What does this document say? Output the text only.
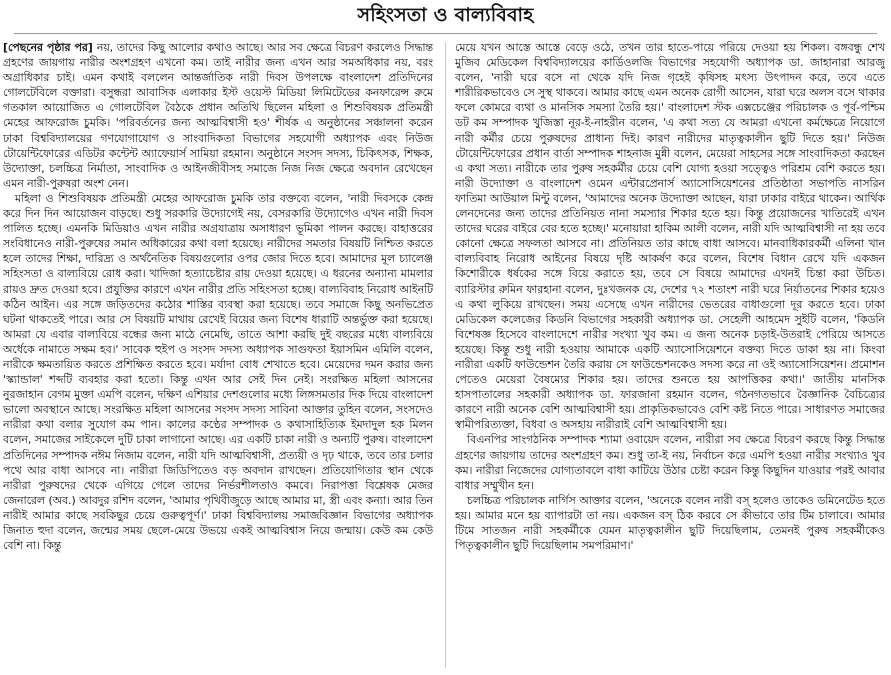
সহিংসতা ও বাল্যবিবাহ

[ পেছনের পৃষ্ঠার পর ] নয়, তাদের কিছু আলোর কথাও আছে। আর সব ক্ষেত্রে বিচরণ করলেও সিদ্ধান্ত গ্রহণের জায়গায় নারীর অংশগ্রহণ এখনো কম। তাই নারীর জন্য এখন আর সমঅধিকার নয়, বরং অগ্রাধিকার চাই। এমন কথাই বললেন আন্তর্জাতিক নারী দিবস উপলক্ষে বাংলাদেশ প্রতিদিনের গোলটেবিলে বক্তারা। বসুন্ধরা আবাসিক এলাকার ইস্ট ওয়েস্ট মিডিয়া লিমিটেডের কনফারেন্স রুমে গতকাল আয়োজিত এ গোলটেবিল বৈঠকে প্রধান অতিথি ছিলেন মহিলা ও শিশুবিষয়ক প্রতিমন্ত্রী মেহের আফরোজ চুমকি। 'পরিবর্তনের জন্য আত্মবিশ্বাসী হও' শীর্ষক এ অনুষ্ঠানের সঞ্চালনা করেন ঢাকা বিশ্ববিদ্যালয়ের গণযোগাযোগ ও সাংবাদিকতা বিভাগের সহযোগী অধ্যাপক এবং নিউজ টোয়েন্টিফোরের এডিটর কন্টেন্ট অ্যাফেয়ার্স সামিয়া রহমান। অনুষ্ঠানে সংসদ সদস্য, চিকিৎসক, শিক্ষক, উদ্যোক্তা, চলচ্চিত্র নির্মাতা, সাংবাদিক ও আইনজীবীসহ সমাজে নিজ নিজ ক্ষেত্রে অবদান রেখেছেন এমন নারী-পুরুষরা অংশ নেন।

মহিলা ও শিশুবিষয়ক প্রতিমন্ত্রী মেহের আফরোজ চুমকি তার বক্তব্যে বলেন, 'নারী দিবসকে কেন্দ্র করে দিন দিন আয়োজন বাড়ছে। শুধু সরকারি উদ্যোগেই নয়, বেসরকারি উদ্যোগেও এখন নারী দিবস পালিত হচ্ছে। এমনকি মিডিয়াও এখন নারীর অগ্রযাত্রায় অসাধারণ ভূমিকা পালন করছে। বাহাত্তরের সংবিধানেও নারী-পুরুষের সমান অধিকারের কথা বলা হয়েছে। নারীদের সমতার বিষয়টি নিশ্চিত করতে হলে তাদের শিক্ষা, দারিদ্র্য ও অর্থনৈতিক বিষয়গুলোর ওপর জোর দিতে হবে। আমাদের মূল চ্যালেঞ্জ সহিংসতা ও বাল্যবিয়ে রোধ করা। খাদিজা হত্যাচেষ্টার রায় দেওয়া হয়েছে। এ ধরনের অন্যান্য মামলার রায়ও দ্রুত দেওয়া হবে। প্রযুক্তির কারণে এখন নারীর প্রতি সহিংসতা হচ্ছে। বাল্যবিবাহ নিরোধ আইনটি কঠিন আইন। এর সঙ্গে জড়িতদের কঠোর শাস্তির ব্যবস্থা করা হয়েছে। তবে সমাজে কিছু অনভিপ্রেত ঘটনা থাকতেই পারে। আর সে বিষয়টি মাথায় রেখেই বিয়ের জন্য বিশেষ ধারাটি অন্তর্ভুক্ত করা হয়েছে। আমরা যে এবার বাল্যবিয়ে বন্ধের জন্য মাঠে নেমেছি, তাতে আশা করছি দুই বছরের মধ্যে বাল্যবিয়ে অর্ধেকে নামাতে সক্ষম হব।' সাবেক হুইপ ও সংসদ সদস্য অধ্যাপক সাগুফতা ইয়াসমিন এমিলি বলেন, নারীকে ক্ষমতায়িত করতে প্রশিক্ষিত করতে হবে। মর্যাদা বোধ শেখাতে হবে। মেয়েদের দমন করার জন্য 'স্ক্যান্ডাল' শব্দটি ব্যবহার করা হতো। কিন্তু এখন আর সেই দিন নেই। সংরক্ষিত মহিলা আসনের নুরজাহান বেগম মুক্তা এমপি বলেন, দক্ষিণ এশিয়ার দেশগুলোর মধ্যে লিঙ্গসমতার দিক দিয়ে বাংলাদেশ ভালো অবস্থানে আছে। সংরক্ষিত মহিলা আসনের সংসদ সদস্য সাবিনা আক্তার তুহিন বলেন, সংসদেও নারীরা কথা বলার সুযোগ কম পান। কালের কণ্ঠের সম্পাদক ও কথাসাহিত্যিক ইমদাদুল হক মিলন বলেন, সমাজের সাইকেলে দুটি চাকা লাগানো আছে। এর একটি চাকা নারী ও অন্যটি পুরুষ। বাংলাদেশ প্রতিদিনের সম্পাদক নঈম নিজাম বলেন, নারী যদি আত্মবিশ্বাসী, প্রত্যয়ী ও দৃঢ় থাকে, তবে তার চলার পথে আর বাধা আসবে না। নারীরা জিডিপিতেও বড় অবদান রাখছেন। প্রতিযোগিতার স্থান থেকে নারীরা পুরুষদের থেকে এগিয়ে গেলে তাদের নির্ভরশীলতাও কমবে। নিরাপত্তা বিশ্লেষক মেজর জেনারেল (অব.) আবদুর রশিদ বলেন, 'আমার পৃথিবীজুড়ে আছে আমার মা, স্ত্রী এবং কন্যা। আর তিন নারীই আমার কাছে সবকিছুর চেয়ে গুরুত্বপূর্ণ।' ঢাকা বিশ্ববিদ্যালয় সমাজবিজ্ঞান বিভাগের অধ্যাপক জিনাত হুদা বলেন, জন্মের সময় ছেলে-মেয়ে উভয়ে একই আত্মবিশ্বাস নিয়ে জন্মায়। কেউ কম কেউ বেশি না। কিন্তু

মেয়ে যখন আস্তে আস্তে বেড়ে ওঠে, তখন তার হাতে-পায়ে পরিয়ে দেওয়া হয় শিকল। বঙ্গবন্ধু শেখ মুজিব মেডিকেল বিশ্ববিদ্যালয়ের কার্ডিওলজি বিভাগের সহযোগী অধ্যাপক ডা. জাহানারা আরজু বলেন, 'নারী ঘরে বসে না থেকে যদি নিজ গৃহেই কৃষিসহ মৎস্য উৎপাদন করে, তবে এতে শারীরিকভাবেও সে সুস্থ থাকবে। আমার কাছে এমন অনেক রোগী আসেন, যারা ঘরে অলস বসে থাকার ফলে কোমরে ব্যথা ও মানসিক সমস্যা তৈরি হয়।' বাংলাদেশ স্টক এক্সচেঞ্জের পরিচালক ও পূর্ব-পশ্চিম ডট কম সম্পাদক খুজিস্তা নূর-ই-নাহরীন বলেন, 'এ কথা সত্য যে আমরা এখনো কর্মক্ষেত্রে নিয়োগে নারী কর্মীর চেয়ে পুরুষদের প্রাধান্য দিই। কারণ নারীদের মাতৃত্বকালীন ছুটি দিতে হয়।' নিউজ টোয়েন্টিফোরের প্রধান বার্তা সম্পাদক শাহনাজ মুন্নী বলেন, মেয়েরা সাহসের সঙ্গে সাংবাদিকতা করছেন এ কথা সত্য। নারীকে তার পুরুষ সহকর্মীর চেয়ে বেশি যোগ্য হওয়া সত্ত্বেও পরিশ্রম বেশি করতে হয়। নারী উদ্যোক্তা ও বাংলাদেশ ওমেন এন্টারপ্রেনার্স অ্যাসোসিয়েশনের প্রতিষ্ঠাতা সভাপতি নাসরিন ফাতিমা আউয়াল মিন্টু বলেন, 'আমাদের অনেক উদ্যোক্তা আছেন, যারা ঢাকার বাইরে থাকেন। আর্থিক লেনদেনের জন্য তাদের প্রতিনিয়ত নানা সমস্যার শিকার হতে হয়। কিন্তু প্রয়োজনের খাতিরেই এখন তাদের ঘরের বাইরে বের হতে হচ্ছে।' মনোয়ারা হাকিম আলী বলেন, নারী যদি আত্মবিশ্বাসী না হয় তবে কোনো ক্ষেত্রে সফলতা আসবে না। প্রতিনিয়ত তার কাছে বাধা আসবে। মানবাধিকারকর্মী এলিনা খান বাল্যবিবাহ নিরোধ আইনের বিষয়ে দৃষ্টি আকর্ষণ করে বলেন, বিশেষ বিধান রেখে যদি একজন কিশোরীকে ধর্ষকের সঙ্গে বিয়ে করাতে হয়, তবে সে বিষয়ে আমাদের এখনই চিন্তা করা উচিত। ব্যারিস্টার রুমিন ফারহানা বলেন, দুঃখজনক যে, দেশের ৭২ শতাংশ নারী ঘরে নির্যাতনের শিকার হয়েও এ কথা লুকিয়ে রাখছেন। সময় এসেছে এখন নারীদের ভেতরের বাধাগুলো দূর করতে হবে। ঢাকা মেডিকেল কলেজের কিডনি বিভাগের সহকারী অধ্যাপক ডা. সেহেলী আহমেদ সুইটি বলেন, 'কিডনি বিশেষজ্ঞ হিসেবে বাংলাদেশে নারীর সংখ্যা খুব কম। এ জন্য অনেক চড়াই-উতরাই পেরিয়ে আসতে হয়েছে। কিন্তু শুধু নারী হওয়ায় আমাকে একটি অ্যাসোসিয়েশনে বক্তব্য দিতে ডাকা হয় না। কিংবা নারীরা একটি ফাউন্ডেশন তৈরি করায় সে ফাউন্ডেশনকেও সদস্য করে না ওই অ্যাসোসিয়েশন। প্রমোশন পেতেও মেয়েরা বৈষম্যের শিকার হয়। তাদের শুনতে হয় আপত্তিকর কথা।' জাতীয় মানসিক হাসপাতালের সহকারী অধ্যাপক ডা. ফারজানা রহমান বলেন, গঠনগতভাবে বৈজ্ঞানিক বৈচিত্র্যের কারণে নারী অনেক বেশি আত্মবিশ্বাসী হয়। প্রাকৃতিকভাবেও বেশি কষ্ট নিতে পারে। সাধারণত সমাজের স্বামীপরিত্যক্তা, বিধবা ও অসহায় নারীরাই বেশি আত্মবিশ্বাসী হয়।

বিএনপির সাংগঠনিক সম্পাদক শ্যামা ওবায়েদ বলেন, নারীরা সব ক্ষেত্রে বিচরণ করছে কিন্তু সিদ্ধান্ত গ্রহণের জায়গায় তাদের অংশগ্রহণ কম। শুধু তা-ই নয়, নির্বাচন করে এমপি হওয়া নারীর সংখ্যাও খুব কম। নারীরা নিজেদের যোগ্যতাবলে বাধা কাটিয়ে উঠার চেষ্টা করেন কিন্তু কিছুদিন যাওয়ার পরই আবার বাধার সম্মুখীন হন।

চলচ্চিত্র পরিচালক নার্গিস আক্তার বলেন, 'অনেকে বলেন নারী বস্ হলেও তাকেও ডমিনেটেড হতে হয়। আমার মনে হয় ব্যাপারটা তা নয়। একজন বস্ ঠিক করবে সে কীভাবে তার টিম চালাবে। আমার টিমে সাতজন নারী সহকর্মীকে যেমন মাতৃত্বকালীন ছুটি দিয়েছিলাম, তেমনই পুরুষ সহকর্মীকেও পিতৃত্বকালীন ছুটি দিয়েছিলাম সমপরিমাণ।'
